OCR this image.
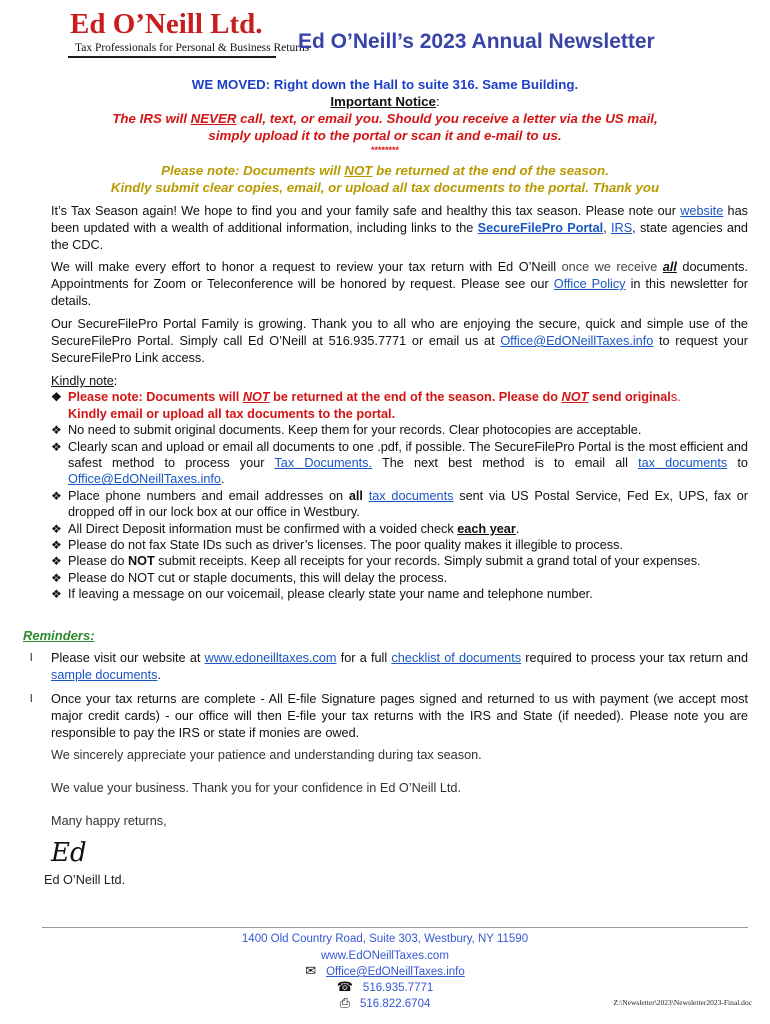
Ed O’Neill Ltd.
Tax Professionals for Personal & Business Returns
Ed O’Neill’s 2023 Annual Newsletter
WE MOVED: Right down the Hall to suite 316. Same Building.
Important Notice:
The IRS will NEVER call, text, or email you. Should you receive a letter via the US mail,
simply upload it to the portal or scan it and e-mail to us.
********
Please note: Documents will NOT be returned at the end of the season.
Kindly submit clear copies, email, or upload all tax documents to the portal. Thank you

It’s Tax Season again! We hope to find you and your family safe and healthy this tax season. Please note our website has been updated with a wealth of additional information, including links to the SecureFilePro Portal, IRS, state agencies and the CDC.

We will make every effort to honor a request to review your tax return with Ed O’Neill once we receive all documents. Appointments for Zoom or Teleconference will be honored by request. Please see our Office Policy in this newsletter for details.

Our SecureFilePro Portal Family is growing. Thank you to all who are enjoying the secure, quick and simple use of the SecureFilePro Portal. Simply call Ed O’Neill at 516.935.7771 or email us at Office@EdONeillTaxes.info to request your SecureFilePro Link access.

Kindly note:
❖ Please note: Documents will NOT be returned at the end of the season. Please do NOT send originals.
Kindly email or upload all tax documents to the portal.
❖ No need to submit original documents. Keep them for your records. Clear photocopies are acceptable.
❖ Clearly scan and upload or email all documents to one .pdf, if possible. The SecureFilePro Portal is the most efficient and safest method to process your Tax Documents. The next best method is to email all tax documents to Office@EdONeillTaxes.info.
❖ Place phone numbers and email addresses on all tax documents sent via US Postal Service, Fed Ex, UPS, fax or dropped off in our lock box at our office in Westbury.
❖ All Direct Deposit information must be confirmed with a voided check each year.
❖ Please do not fax State IDs such as driver’s licenses. The poor quality makes it illegible to process.
❖ Please do NOT submit receipts. Keep all receipts for your records. Simply submit a grand total of your expenses.
❖ Please do NOT cut or staple documents, this will delay the process.
❖ If leaving a message on our voicemail, please clearly state your name and telephone number.
Reminders:
l Please visit our website at www.edoneilltaxes.com for a full checklist of documents required to process your tax return and sample documents.
l Once your tax returns are complete - All E-file Signature pages signed and returned to us with payment (we accept most major credit cards) - our office will then E-file your tax returns with the IRS and State (if needed). Please note you are responsible to pay the IRS or state if monies are owed.
We sincerely appreciate your patience and understanding during tax season.
We value your business. Thank you for your confidence in Ed O’Neill Ltd.
Many happy returns,
Ed
Ed O’Neill Ltd.
1400 Old Country Road, Suite 303, Westbury, NY 11590
www.EdONeillTaxes.com
✉ Office@EdONeillTaxes.info
☎ 516.935.7771
⎙ 516.822.6704	Z:\Newsletter\2023\Newsletter2023-Final.doc
